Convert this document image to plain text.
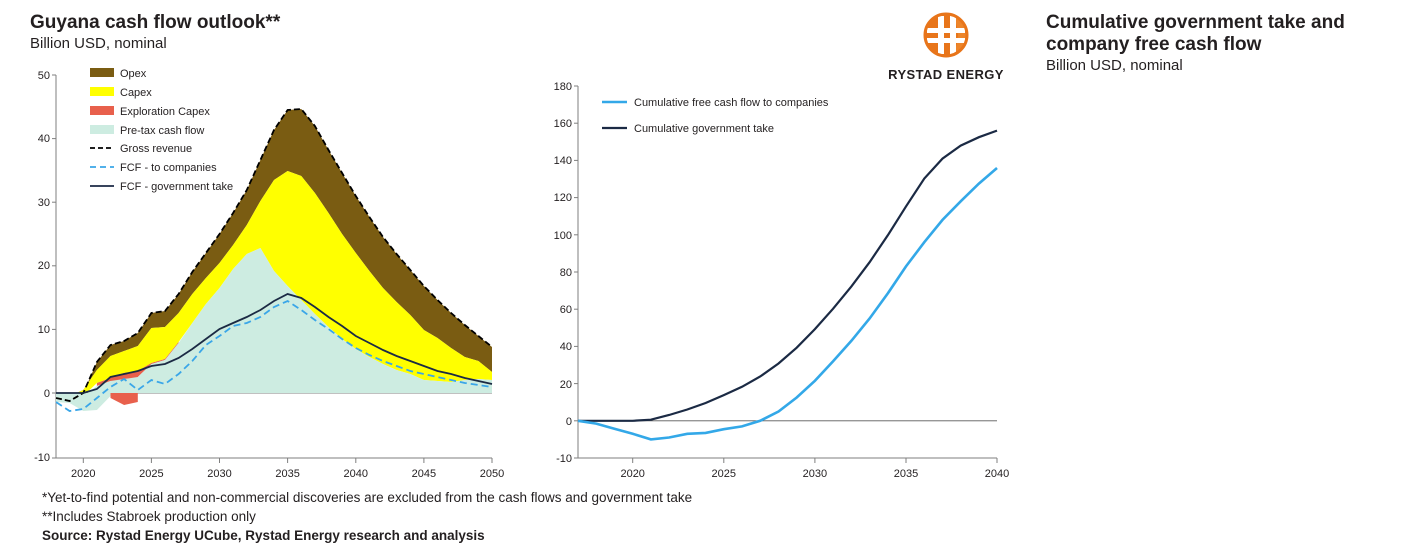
Guyana cash flow outlook**
Billion USD, nominal
50
40
30
20
10
0
-10
2020	2025	2030	2035	2040	2045	2050
Opex
Capex
Exploration Capex
Pre-tax cash flow
Gross revenue
FCF - to companies
FCF - government take
Cumulative government take and company free cash flow
Billion USD, nominal
RYSTAD ENERGY
180
160
140
120
100
80
60
40
20
0
-10
2020	2025	2030	2035	2040
Cumulative free cash flow to companies
Cumulative government take
*Yet-to-find potential and non-commercial discoveries are excluded from the cash flows and government take
**Includes Stabroek production only
Source: Rystad Energy UCube, Rystad Energy research and analysis
